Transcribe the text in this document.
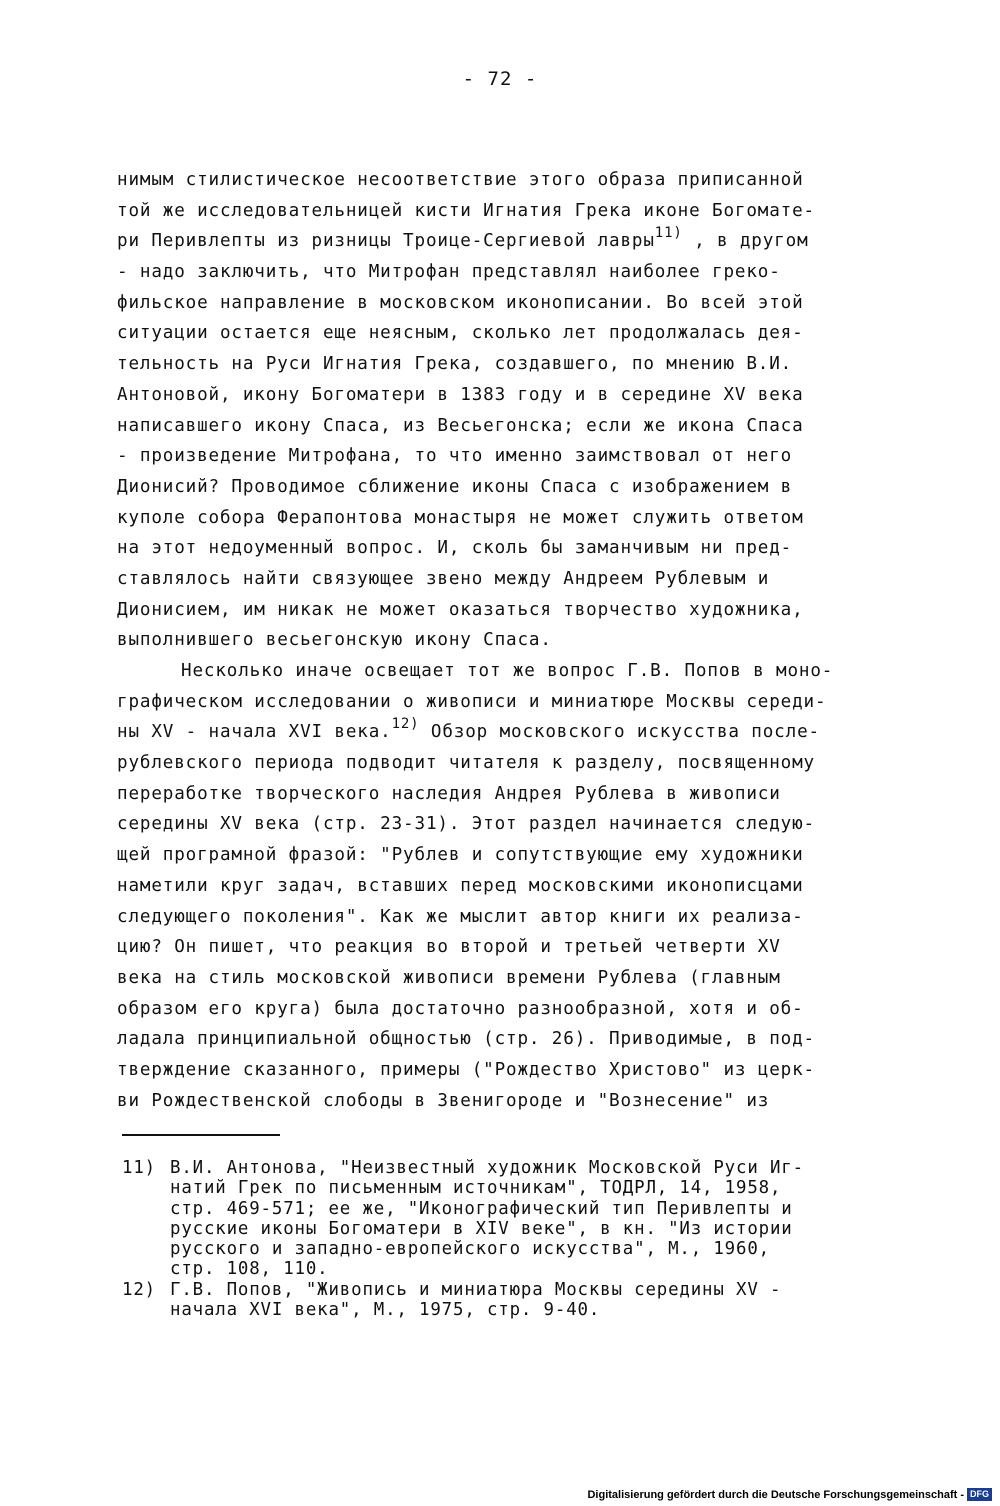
- 72 -
нимым стилистическое несоответствие этого образа приписанной
той же исследовательницей кисти Игнатия Грека иконе Богомате-
ри Перивлепты из ризницы Троице-Сергиевой лавры$^{11)}$ , в другом
- надо заключить, что Митрофан представлял наиболее греко-
фильское направление в московском иконописании. Во всей этой
ситуации остается еще неясным, сколько лет продолжалась дея-
тельность на Руси Игнатия Грека, создавшего, по мнению В.И.
Антоновой, икону Богоматери в 1383 году и в середине XV века
написавшего икону Спаса, из Весьегонска; если же икона Спаса
- произведение Митрофана, то что именно заимствовал от него
Дионисий? Проводимое сближение иконы Спаса с изображением в
куполе собора Ферапонтова монастыря не может служить ответом
на этот недоуменный вопрос. И, сколь бы заманчивым ни пред-
ставлялось найти связующее звено между Андреем Рублевым и
Дионисием, им никак не может оказаться творчество художника,
выполнившего весьегонскую икону Спаса.
Несколько иначе освещает тот же вопрос Г.В. Попов в моно-
графическом исследовании о живописи и миниатюре Москвы середи-
ны XV - начала XVI века.$^{12)}$ Обзор московского искусства после-
рублевского периода подводит читателя к разделу, посвященному
переработке творческого наследия Андрея Рублева в живописи
середины XV века (стр. 23-31). Этот раздел начинается следую-
щей програмной фразой: "Рублев и сопутствующие ему художники
наметили круг задач, вставших перед московскими иконописцами
следующего поколения". Как же мыслит автор книги их реализа-
цию? Он пишет, что реакция во второй и третьей четверти XV
века на стиль московской живописи времени Рублева (главным
образом его круга) была достаточно разнообразной, хотя и об-
ладала принципиальной общностью (стр. 26). Приводимые, в под-
тверждение сказанного, примеры ("Рождество Христово" из церк-
ви Рождественской слободы в Звенигороде и "Вознесение" из
11) В.И. Антонова, "Неизвестный художник Московской Руси Иг-
натий Грек по письменным источникам", ТОДРЛ, 14, 1958,
стр. 469-571; ее же, "Иконографический тип Перивлепты и
русские иконы Богоматери в XIV веке", в кн. "Из истории
русского и западно-европейского искусства", М., 1960,
стр. 108, 110.
12) Г.В. Попов, "Живопись и миниатюра Москвы середины XV -
начала XVI века", М., 1975, стр. 9-40.
Digitalisierung gefördert durch die Deutsche Forschungsgemeinschaft - DFG
